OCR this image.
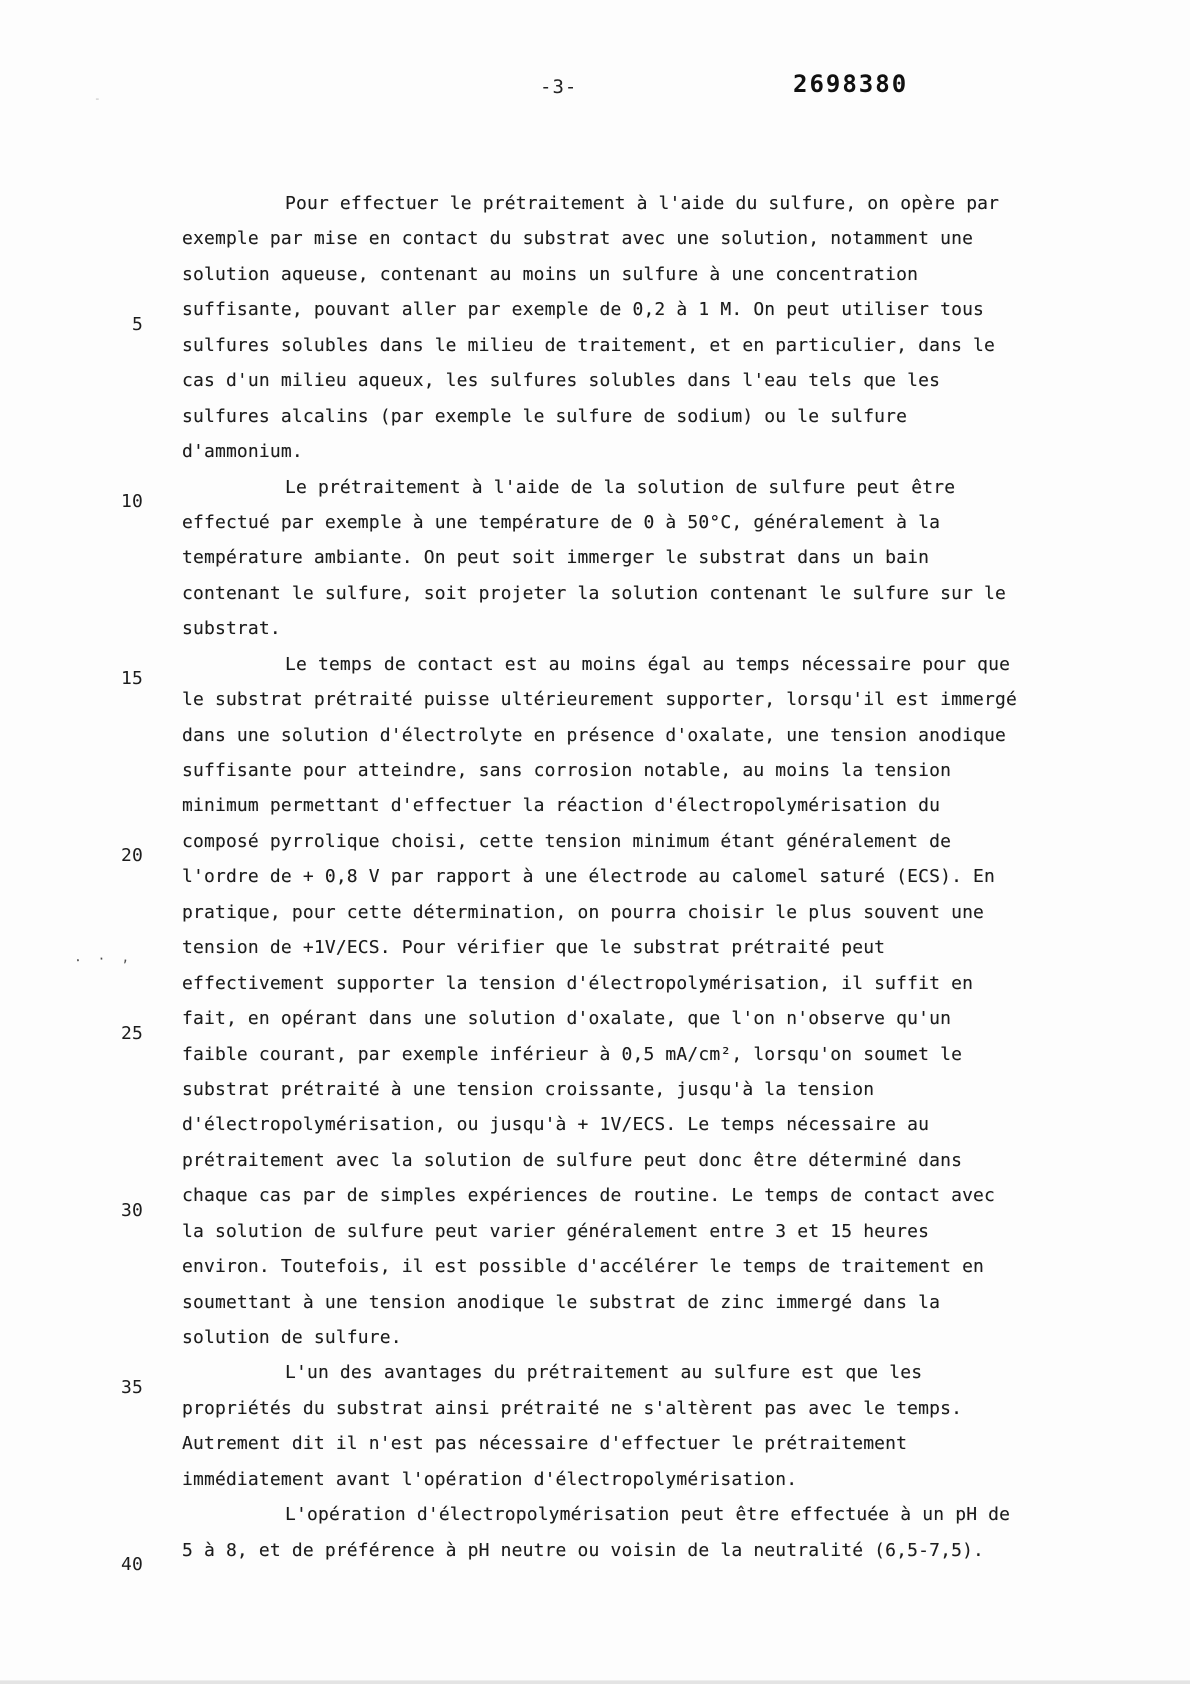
-3-	2698380

Pour effectuer le prétraitement à l'aide du sulfure, on opère par

exemple par mise en contact du substrat avec une solution, notamment une

solution aqueuse, contenant au moins un sulfure à une concentration

suffisante, pouvant aller par exemple de 0,2 à 1 M. On peut utiliser tous

5

sulfures solubles dans le milieu de traitement, et en particulier, dans le

cas d'un milieu aqueux, les sulfures solubles dans l'eau tels que les

sulfures alcalins (par exemple le sulfure de sodium) ou le sulfure

d'ammonium.

Le prétraitement à l'aide de la solution de sulfure peut être

10

effectué par exemple à une température de 0 à 50°C, généralement à la

température ambiante. On peut soit immerger le substrat dans un bain

contenant le sulfure, soit projeter la solution contenant le sulfure sur le

substrat.

Le temps de contact est au moins égal au temps nécessaire pour que

15

le substrat prétraité puisse ultérieurement supporter, lorsqu'il est immergé

dans une solution d'électrolyte en présence d'oxalate, une tension anodique

suffisante pour atteindre, sans corrosion notable, au moins la tension

minimum permettant d'effectuer la réaction d'électropolymérisation du

composé pyrrolique choisi, cette tension minimum étant généralement de

20

l'ordre de + 0,8 V par rapport à une électrode au calomel saturé (ECS). En

pratique, pour cette détermination, on pourra choisir le plus souvent une

tension de +1V/ECS. Pour vérifier que le substrat prétraité peut

effectivement supporter la tension d'électropolymérisation, il suffit en

fait, en opérant dans une solution d'oxalate, que l'on n'observe qu'un

25

faible courant, par exemple inférieur à 0,5 mA/cm², lorsqu'on soumet le

substrat prétraité à une tension croissante, jusqu'à la tension

d'électropolymérisation, ou jusqu'à + 1V/ECS. Le temps nécessaire au

prétraitement avec la solution de sulfure peut donc être déterminé dans

chaque cas par de simples expériences de routine. Le temps de contact avec

30

la solution de sulfure peut varier généralement entre 3 et 15 heures

environ. Toutefois, il est possible d'accélérer le temps de traitement en

soumettant à une tension anodique le substrat de zinc immergé dans la

solution de sulfure.

L'un des avantages du prétraitement au sulfure est que les

35

propriétés du substrat ainsi prétraité ne s'altèrent pas avec le temps.

Autrement dit il n'est pas nécessaire d'effectuer le prétraitement

immédiatement avant l'opération d'électropolymérisation.

L'opération d'électropolymérisation peut être effectuée à un pH de

5 à 8, et de préférence à pH neutre ou voisin de la neutralité (6,5-7,5).

40

-
· · ,
